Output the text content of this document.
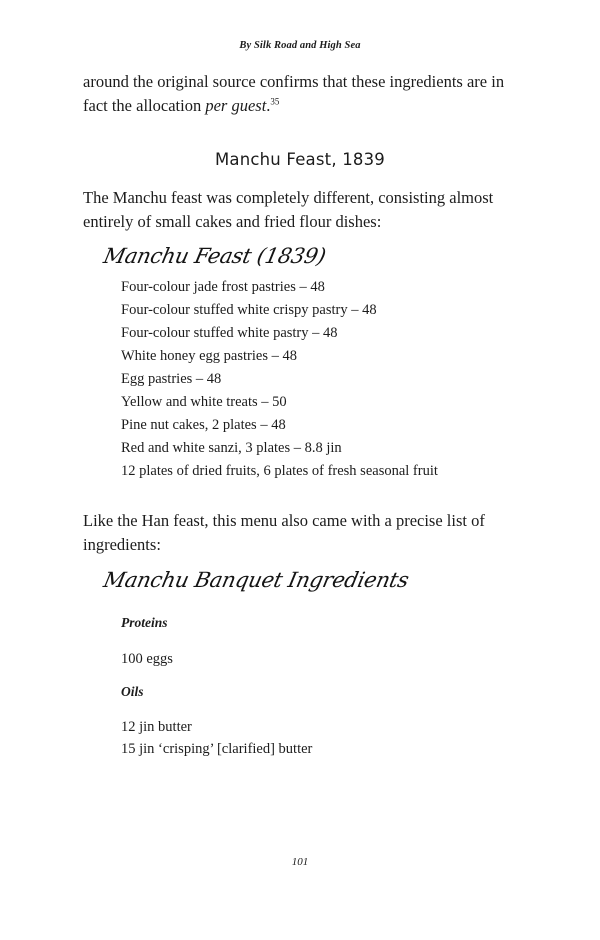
By Silk Road and High Sea
around the original source confirms that these ingredients are in
fact the allocation per guest.$^{35}$
Manchu Feast, 1839
The Manchu feast was completely different, consisting almost
entirely of small cakes and fried flour dishes:
Manchu Feast (1839)
Four-colour jade frost pastries – 48
Four-colour stuffed white crispy pastry – 48
Four-colour stuffed white pastry – 48
White honey egg pastries – 48
Egg pastries – 48
Yellow and white treats – 50
Pine nut cakes, 2 plates – 48
Red and white sanzi, 3 plates – 8.8 jin
12 plates of dried fruits, 6 plates of fresh seasonal fruit
Like the Han feast, this menu also came with a precise list of
ingredients:
Manchu Banquet Ingredients
Proteins
100 eggs
Oils
12 jin butter
15 jin ‘crisping’ [clarified] butter
101
